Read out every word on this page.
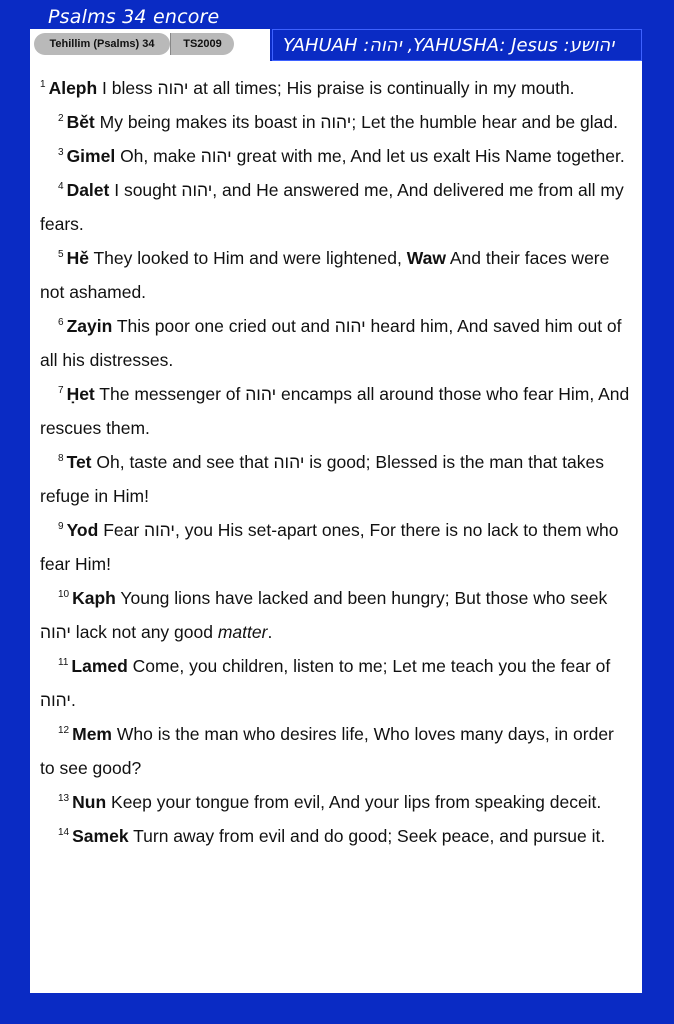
Psalms 34 encore
Tehillim (Psalms) 34	TS2009	YAHUAH :יהוה ,YAHUSHA: Jesus :יהושע

$^1$ Aleph I bless יהוה at all times; His praise is continually in my mouth.

$^2$ Bět My being makes its boast in יהוה; Let the humble hear and be glad.

$^3$ Gimel Oh, make יהוה great with me, And let us exalt His Name together.

$^4$ Dalet I sought יהוה, and He answered me, And delivered me from all my fears.

$^5$ Hě They looked to Him and were lightened, Waw And their faces were not ashamed.

$^6$ Zayin This poor one cried out and יהוה heard him, And saved him out of all his distresses.

$^7$ Ḥet The messenger of יהוה encamps all around those who fear Him, And rescues them.

$^8$ Tet Oh, taste and see that יהוה is good; Blessed is the man that takes refuge in Him!

$^9$ Yod Fear יהוה, you His set-apart ones, For there is no lack to them who fear Him!

$^{10}$ Kaph Young lions have lacked and been hungry; But those who seek יהוה lack not any good matter.

$^{11}$ Lamed Come, you children, listen to me; Let me teach you the fear of יהוה.

$^{12}$ Mem Who is the man who desires life, Who loves many days, in order to see good?

$^{13}$ Nun Keep your tongue from evil, And your lips from speaking deceit.

$^{14}$ Samek Turn away from evil and do good; Seek peace, and pursue it.
